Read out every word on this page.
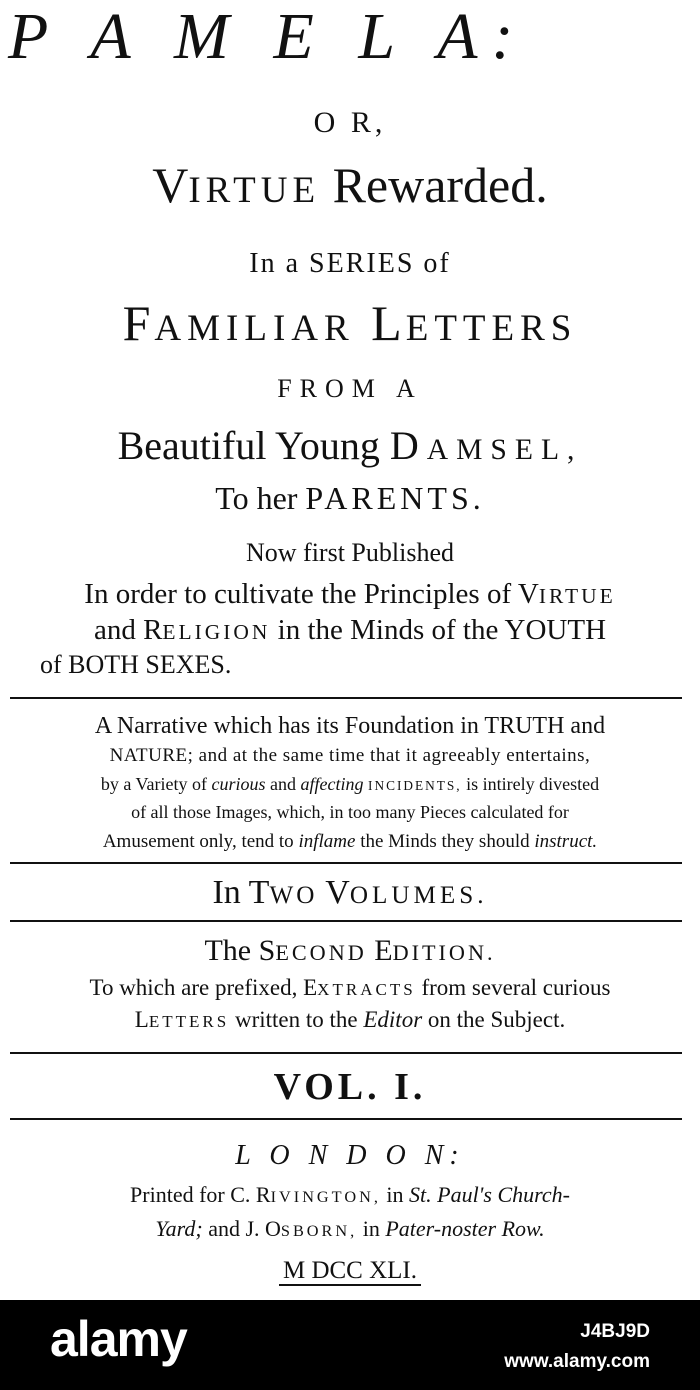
P A M E L A:
O R,
VIRTUE Rewarded.
In a SERIES of
FAMILIAR LETTERS
FROM A
Beautiful Young DAMSEL,
To her PARENTS.
Now first Published
In order to cultivate the Principles of VIRTUE
and RELIGION in the Minds of the YOUTH
of BOTH SEXES.
A Narrative which has its Foundation in TRUTH and
NATURE; and at the same time that it agreeably entertains,
by a Variety of curious and affecting INCIDENTS, is intirely divested
of all those Images, which, in too many Pieces calculated for
Amusement only, tend to inflame the Minds they should instruct.
In TWO VOLUMES.
The SECOND EDITION.
To which are prefixed, EXTRACTS from several curious
LETTERS written to the Editor on the Subject.
VOL. I.
L O N D O N:
Printed for C. RIVINGTON, in St. Paul's Church-
Yard; and J. OSBORN, in Pater-noster Row.
M DCC XLI.
alamy	J4BJ9D
www.alamy.com
